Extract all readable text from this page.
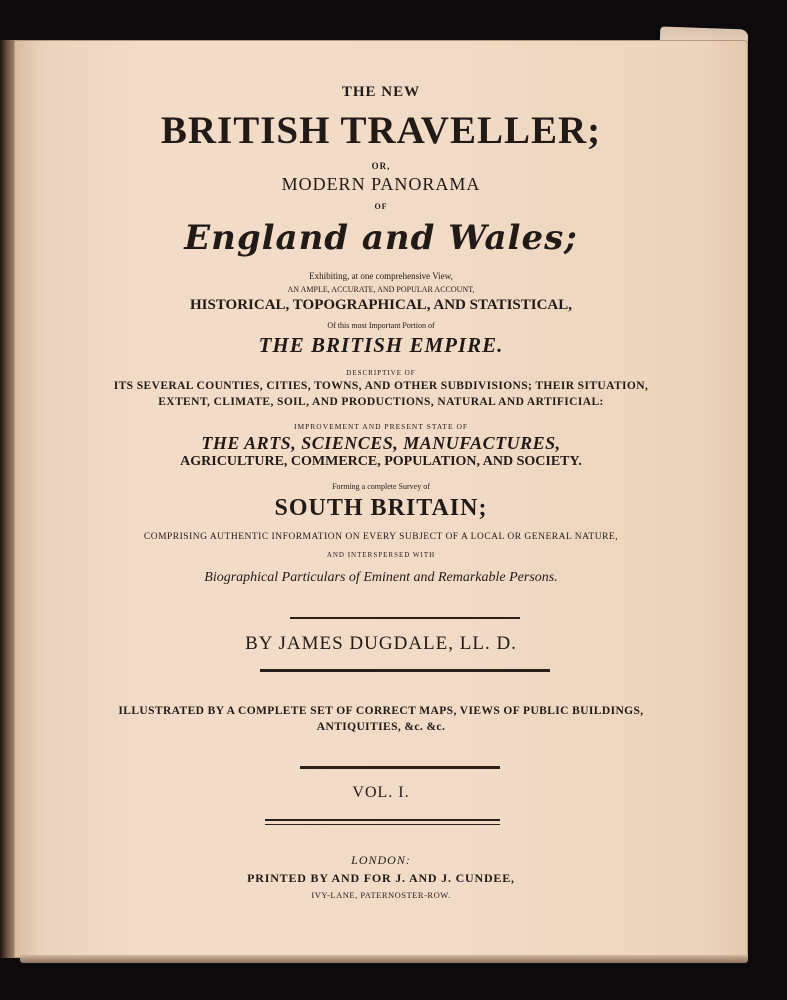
THE NEW

BRITISH TRAVELLER;

OR,

MODERN PANORAMA

OF

England and Wales;

Exhibiting, at one comprehensive View,

AN AMPLE, ACCURATE, AND POPULAR ACCOUNT,

HISTORICAL, TOPOGRAPHICAL, AND STATISTICAL,

Of this most Important Portion of

THE BRITISH EMPIRE.

DESCRIPTIVE OF

ITS SEVERAL COUNTIES, CITIES, TOWNS, AND OTHER SUBDIVISIONS; THEIR SITUATION,

EXTENT, CLIMATE, SOIL, AND PRODUCTIONS, NATURAL AND ARTIFICIAL:

IMPROVEMENT AND PRESENT STATE OF

THE ARTS, SCIENCES, MANUFACTURES,

AGRICULTURE, COMMERCE, POPULATION, AND SOCIETY.

Forming a complete Survey of

SOUTH BRITAIN;

COMPRISING AUTHENTIC INFORMATION ON EVERY SUBJECT OF A LOCAL OR GENERAL NATURE,

AND INTERSPERSED WITH

Biographical Particulars of Eminent and Remarkable Persons.

BY JAMES DUGDALE, LL. D.

ILLUSTRATED BY A COMPLETE SET OF CORRECT MAPS, VIEWS OF PUBLIC BUILDINGS,

ANTIQUITIES, &c. &c.

VOL. I.

LONDON:

PRINTED BY AND FOR J. AND J. CUNDEE,

IVY-LANE, PATERNOSTER-ROW.
